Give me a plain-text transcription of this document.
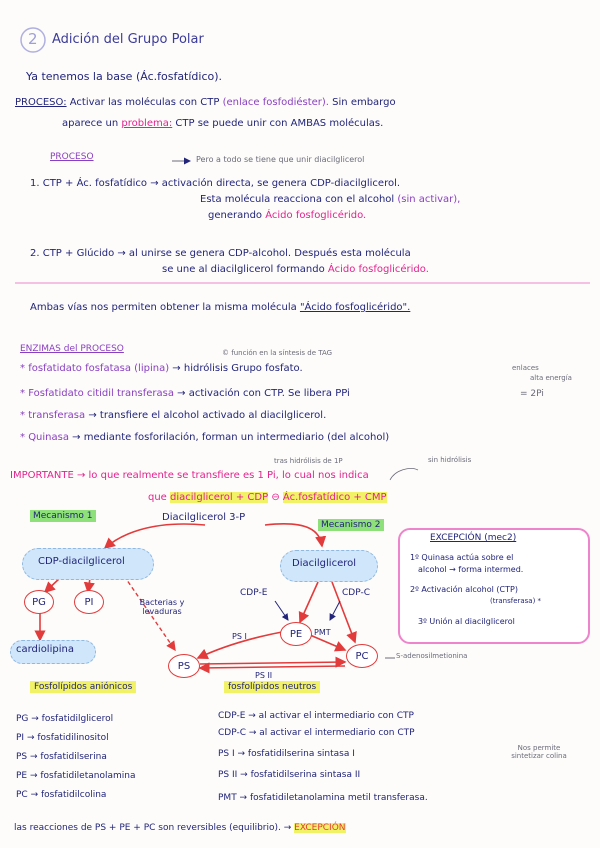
2 Adición del Grupo Polar
Ya tenemos la base (Ác.fosfatídico).
PROCESO: Activar las moléculas con CTP (enlace fosfodiéster). Sin embargo
aparece un problema: CTP se puede unir con AMBAS moléculas.
PROCESO	Pero a todo se tiene que unir diacilglicerol
1. CTP + Ác. fosfatídico → activación directa, se genera CDP-diacilglicerol.
Esta molécula reacciona con el alcohol (sin activar),
generando Ácido fosfoglicérido.
2. CTP + Glúcido → al unirse se genera CDP-alcohol. Después esta molécula
se une al diacilglicerol formando Ácido fosfoglicérido.
Ambas vías nos permiten obtener la misma molécula "Ácido fosfoglicérido".
ENZIMAS del PROCESO	© función en la síntesis de TAG
enlaces
alta energía
= 2Pi
* fosfatidato fosfatasa (lipina) → hidrólisis Grupo fosfato.
* Fosfatidato citidil transferasa → activación con CTP. Se libera PPi
* transferasa → transfiere el alcohol activado al diacilglicerol.
* Quinasa → mediante fosforilación, forman un intermediario (del alcohol)
tras hidrólisis de 1P	sin hidrólisis
IMPORTANTE → lo que realmente se transfiere es 1 Pi, lo cual nos indica
que diacilglicerol + CDP ⊖ Ác.fosfatídico + CMP
Mecanismo 1
Mecanismo 2
Diacilglicerol 3-P
CDP-diacilglicerol	Diacilglicerol
PG	PI
cardiolipina
Bacterias y levaduras
CDP-E	CDP-C
PS
PE
PC
PS I
PS II
PMT
S-adenosilmetionina
Fosfolípidos aniónicos	fosfolípidos neutros
EXCEPCIÓN (mec2)
1º Quinasa actúa sobre el
alcohol → forma intermed.
2º Activación alcohol (CTP)
(transferasa) *
3º Unión al diacilglicerol
PG → fosfatidilglicerol
PI → fosfatidilinositol
PS → fosfatidilserina
PE → fosfatidiletanolamina
PC → fosfatidilcolina
CDP-E → al activar el intermediario con CTP
CDP-C → al activar el intermediario con CTP
PS I → fosfatidilserina sintasa I
PS II → fosfatidilserina sintasa II
PMT → fosfatidiletanolamina metil transferasa.
Nos permite sintetizar colina
las reacciones de PS + PE + PC son reversibles (equilibrio). → EXCEPCIÓN
